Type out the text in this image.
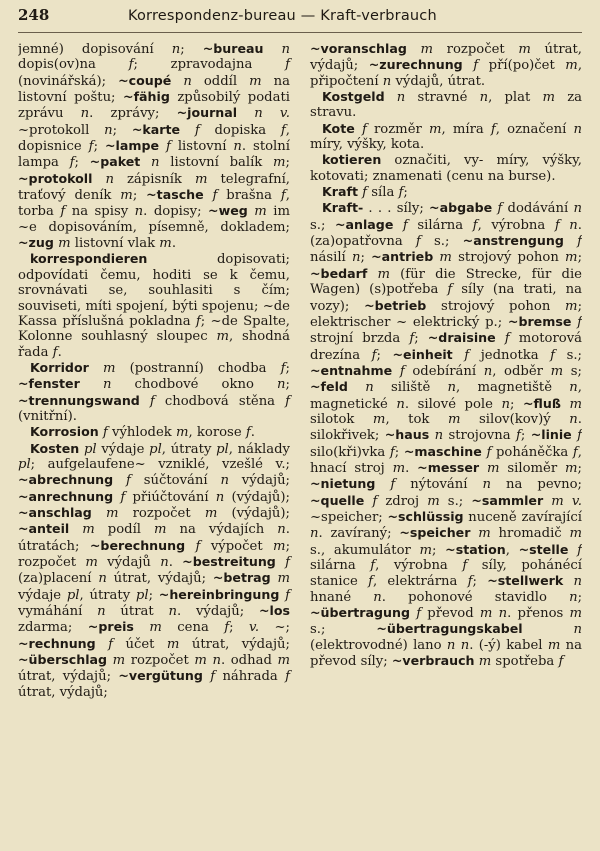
248	Korrespondenz-bureau — Kraft-verbrauch

jemné) dopisování n; ~bureau n dopis(ov)na f; zpravodajna f (novinářská); ~coupé n oddíl m na listovní poštu; ~fähig způsobilý podati zprávu n. zprávy; ~journal n v. ~protokoll n; ~karte f dopiska f, dopisnice f; ~lampe f listovní n. stolní lampa f; ~paket n listovní balík m; ~protokoll n zápisník m telegrafní, traťový deník m; ~tasche f brašna f, torba f na spisy n. dopisy; ~weg m im ~e dopisováním, písemně, dokladem; ~zug m listovní vlak m.

korrespondieren dopisovati; odpovídati čemu, hoditi se k čemu, srovnávati se, souhlasiti s čím; souviseti, míti spojení, býti spojenu; ~de Kassa příslušná pokladna f; ~de Spalte, Kolonne souhlasný sloupec m, shodná řada f.

Korridor m (postranní) chodba f; ~fenster n chodbové okno n; ~trennungswand f chodbová stěna f (vnitřní).

Korrosion f výhlodek m, korose f.

Kosten pl výdaje pl, útraty pl, náklady pl; aufgelaufene~ vzniklé, vzešlé v.; ~abrechnung f súčtování n výdajů; ~anrechnung f přiúčtování n (výdajů); ~anschlag m rozpočet m (výdajů); ~anteil m podíl m na výdajích n. útratách; ~berechnung f výpočet m; rozpočet m výdajů n. ~bestreitung f (za)placení n útrat, výdajů; ~betrag m výdaje pl, útraty pl; ~hereinbringung f vymáhání n útrat n. výdajů; ~los zdarma; ~preis m cena f; v. ~; ~rechnung f účet m útrat, výdajů; ~überschlag m rozpočet m n. odhad m útrat, výdajů; ~vergütung f náhrada f útrat, výdajů;

~voranschlag m rozpočet m útrat, výdajů; ~zurechnung f pří(po)čet m, připočtení n výdajů, útrat.

Kostgeld n stravné n, plat m za stravu.

Kote f rozměr m, míra f, označení n míry, výšky, kota.

kotieren označiti, vy- míry, výšky, kotovati; znamenati (cenu na burse).

Kraft f síla f;

Kraft- . . . síly; ~abgabe f dodávání n s.; ~anlage f silárna f, výrobna f n. (za)opatřovna f s.; ~anstrengung f násilí n; ~antrieb m strojový pohon m; ~bedarf m (für die Strecke, für die Wagen) (s)potřeba f síly (na trati, na vozy); ~betrieb strojový pohon m; elektrischer ~ elektrický p.; ~bremse f strojní brzda f; ~draisine f motorová drezína f; ~einheit f jednotka f s.; ~entnahme f odebírání n, odběr m s; ~feld n siliště n, magnetiště n, magnetické n. silové pole n; ~fluß m silotok m, tok m silov(kov)ý n. silokřivek; ~haus n strojovna f; ~linie f silo(kři)vka f; ~maschine f poháněčka f, hnací stroj m. ~messer m siloměr m; ~nietung f nýtování n na pevno; ~quelle f zdroj m s.; ~sammler m v. ~speicher; ~schlüssig nuceně zavírající n. zavíraný; ~speicher m hromadič m s., akumulátor m; ~station, ~stelle f silárna f, výrobna f síly, pohánécí stanice f, elektrárna f; ~stellwerk n hnané n. pohonové stavidlo n; ~übertragung f převod m n. přenos m s.; ~übertragungskabel	n (elektrovodné) lano n n. (-ý) kabel m na převod síly; ~verbrauch m spotřeba f
